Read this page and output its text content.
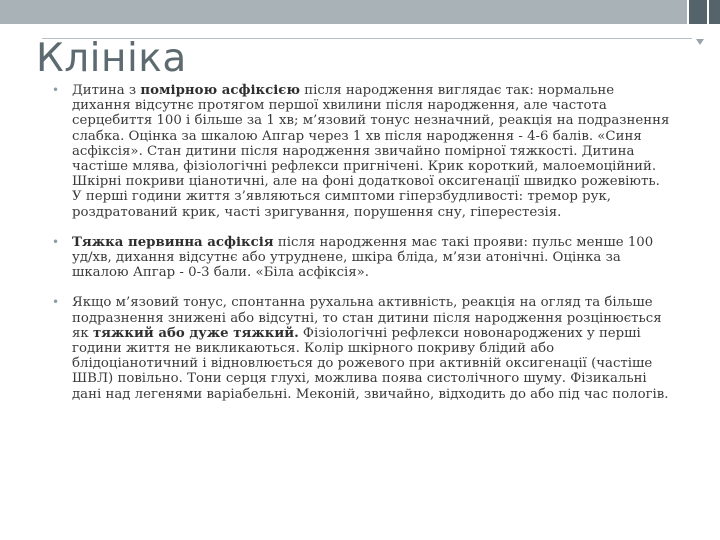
Клініка

• Дитина з помірною асфіксією після народження виглядає так: нормальне дихання відсутнє протягом першої хвилини після народження, але частота серцебиття 100 і більше за 1 хв; м’язовий тонус незначний, реакція на подразнення слабка. Оцінка за шкалою Апгар через 1 хв після народження - 4-6 балів. «Синя асфіксія». Стан дитини після народження звичайно помірної тяжкості. Дитина частіше млява, фізіологічні рефлекси пригнічені. Крик короткий, малоемоційний. Шкірні покриви ціанотичні, але на фоні додаткової оксигенації швидко рожевіють. У перші години життя з’являються симптоми гіперзбудливості: тремор рук, роздратований крик, часті зригування, порушення сну, гіперестезія.

• Тяжка первинна асфіксія після народження має такі прояви: пульс менше 100 уд/хв, дихання відсутнє або утруднене, шкіра бліда, м’язи атонічні. Оцінка за шкалою Апгар - 0-3 бали. «Біла асфіксія».

• Якщо м’язовий тонус, спонтанна рухальна активність, реакція на огляд та більше подразнення знижені або відсутні, то стан дитини після народження розцінюється як тяжкий або дуже тяжкий. Фізіологічні рефлекси новонароджених у перші години життя не викликаються. Колір шкірного покриву блідий або блідоціанотичний і відновлюється до рожевого при активній оксигенації (частіше ШВЛ) повільно. Тони серця глухі, можлива поява систолічного шуму. Фізикальні дані над легенями варіабельні. Меконій, звичайно, відходить до або під час пологів.
